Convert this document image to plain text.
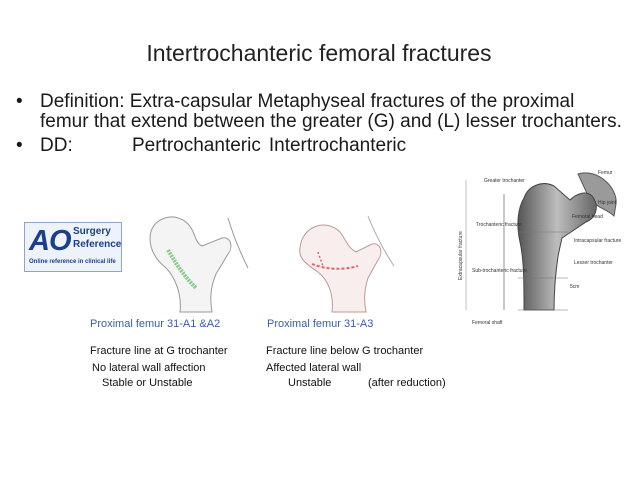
Intertrochanteric femoral fractures
• Definition: Extra-capsular Metaphyseal fractures of the proximal femur that extend between the greater (G) and (L) lesser trochanters.
• DD:	Pertrochanteric Intertrochanteric
AO Surgery
Reference
Online reference in clinical life
Greater trochanter
Femur
Hip joint
Femoral head
Trochanteric fracture
Intracapsular fracture
Lesser trochanter
Sub-trochanteric fracture
5cm
Femoral shaft
Extracapsular fracture
Proximal femur 31-A1 &A2	Proximal femur 31-A3
Fracture line at G trochanter
No lateral wall affection
Stable or Unstable
Fracture line below G trochanter
Affected lateral wall
Unstable	(after reduction)
